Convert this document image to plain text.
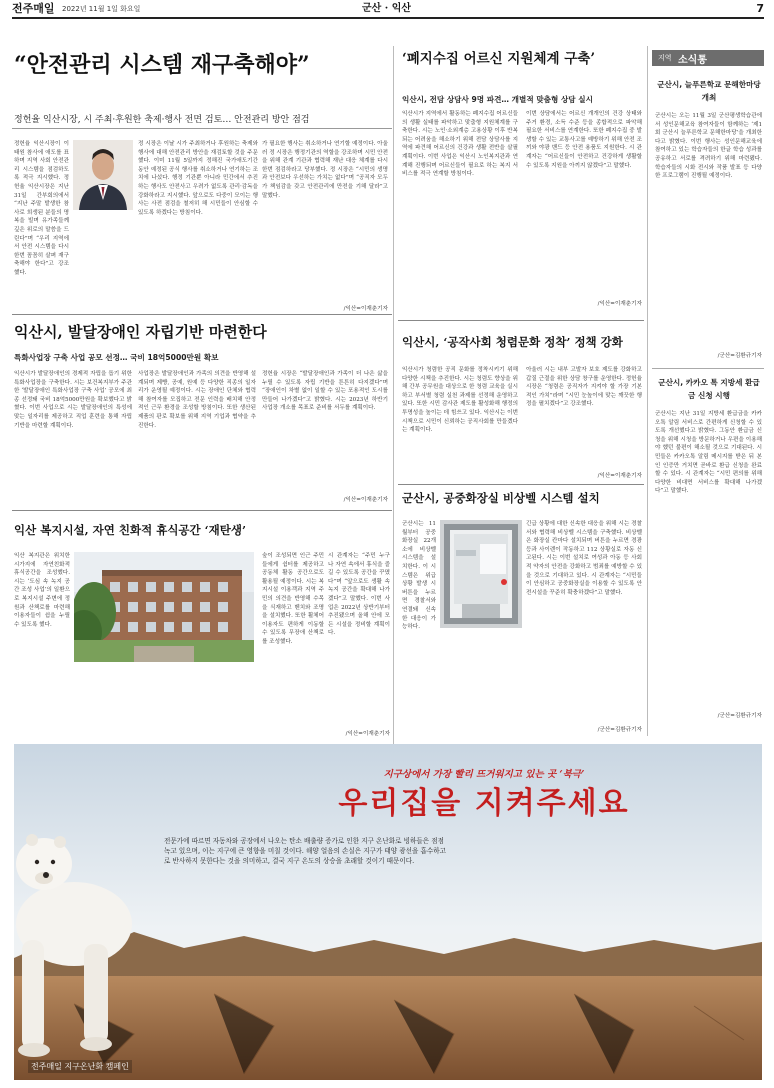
전주매일 2022년 11월 1일 화요일	군산 · 익산	7
“안전관리 시스템 재구축해야”
정헌율 익산시장, 시 주최·후원한 축제·행사 전면 검토… 안전관리 방안 점검
정헌율 익산시장이 이태원 참사에 애도를 표하며 지역 사회 안전관리 시스템을 점검하도록 적극 지시했다. 정헌율 익산시장은 지난 31일 간부회의에서 “지난 주말 발생한 참사로 희생된 분들의 명복을 빌며 유가족들께 깊은 위로의 말씀을 드린다”며 “우리 지역에서 안전 시스템을 다시 한번 꼼꼼히 살펴 재구축해야 한다”고 강조했다.
정 시장은 이날 시가 주최하거나 후원하는 축제와 행사에 대해 안전관리 방안을 재검토할 것을 주문했다. 이미 11월 5일까지 정해진 국가애도기간 동안 예정된 공식 행사를 취소하거나 연기하는 조치에 나섰다. 행정 기관뿐 아니라 민간에서 추진하는 행사도 안전사고 우려가 없도록 관리·감독을 강화하라고 지시했다. 앞으로도 다중이 모이는 행사는 사전 점검을 철저히 해 시민들이 안심할 수 있도록 하겠다는 방침이다.
가 필요한 행사는 취소하거나 연기할 예정이다. 아울러 정 시장은 행정기관의 역할을 강조하며 시민 안전을 위해 관계 기관과 협력해 재난 대응 체계를 다시 한번 점검하라고 당부했다. 정 시장은 “시민의 생명과 안전보다 우선하는 가치는 없다”며 “공직자 모두가 책임감을 갖고 안전관리에 만전을 기해 달라”고 말했다.
/익산=이재춘기자
‘폐지수집 어르신 지원체계 구축’
익산시, 전담 상담사 9명 파견… 개별적 맞춤형 상담 실시
익산시가 지역에서 활동하는 폐지수집 어르신들의 생활 실태를 파악하고 맞춤형 지원체계를 구축한다. 시는 노인·소외계층 고용상황 이후 반복되는 어려움을 해소하기 위해 전담 상담사를 지역에 파견해 어르신의 건강과 생활 전반을 살필 계획이다. 이번 사업은 익산시 노인복지관과 연계해 진행되며 어르신들이 필요로 하는 복지 서비스를 적극 연계할 방침이다.
이번 상담에서는 어르신 개개인의 건강 상태와 주거 환경, 소득 수준 등을 종합적으로 파악해 필요한 서비스를 연계한다. 또한 폐지수집 중 발생할 수 있는 교통사고를 예방하기 위해 안전 조끼와 야광 밴드 등 안전 용품도 지원한다. 시 관계자는 “어르신들이 안전하고 건강하게 생활할 수 있도록 지원을 아끼지 않겠다”고 말했다.
/익산=이재춘기자
지역 소식통
군산시, 늘푸른학교 문해한마당 개최
군산시는 오는 11월 3일 군산평생학습관에서 성인문해교육 참여자들이 함께하는 ‘제1회 군산시 늘푸른학교 문해한마당’을 개최한다고 밝혔다. 이번 행사는 성인문해교육에 참여하고 있는 학습자들의 한글 학습 성과를 공유하고 서로를 격려하기 위해 마련됐다. 학습자들의 시화 전시와 작품 발표 등 다양한 프로그램이 진행될 예정이다.
/군산=김환규기자
군산시, 카카오 톡 지방세 환급금 신청 시행
군산시는 지난 31일 지방세 환급금을 카카오톡 알림 서비스로 간편하게 신청할 수 있도록 개선했다고 밝혔다. 그동안 환급금 신청을 위해 시청을 방문하거나 우편을 이용해야 했던 불편이 해소될 것으로 기대된다. 시민들은 카카오톡 알림 메시지를 받은 뒤 본인 인증만 거치면 곧바로 환급 신청을 완료할 수 있다. 시 관계자는 “시민 편의를 위해 다양한 비대면 서비스를 확대해 나가겠다”고 말했다.
/군산=김환규기자
익산시, 발달장애인 자립기반 마련한다
특화사업장 구축 사업 공모 선정… 국비 18억5000만원 확보
익산시가 발달장애인의 경제적 자립을 돕기 위한 특화사업장을 구축한다. 시는 보건복지부가 주관한 ‘발달장애인 특화사업장 구축 사업’ 공모에 최종 선정돼 국비 18억5000만원을 확보했다고 밝혔다. 이번 사업으로 시는 발달장애인의 특성에 맞는 일자리를 제공하고 직업 훈련을 통해 자립 기반을 마련할 계획이다.
사업장은 발달장애인과 가족의 의견을 반영해 설계되며 제빵, 공예, 원예 등 다양한 직종의 일자리가 운영될 예정이다. 시는 장애인 단체와 협력해 참여자를 모집하고 전문 인력을 배치해 안정적인 근무 환경을 조성할 방침이다. 또한 생산된 제품의 판로 확보를 위해 지역 기업과 협약을 추진한다.
정헌율 시장은 “발달장애인과 가족이 더 나은 삶을 누릴 수 있도록 자립 기반을 튼튼히 다지겠다”며 “장애인이 차별 없이 일할 수 있는 포용적인 도시를 만들어 나가겠다”고 밝혔다. 시는 2023년 하반기 사업장 개소를 목표로 준비를 서두를 계획이다.
/익산=이재춘기자
익산시, ‘공작사회 청렴문화 정착’ 정책 강화
익산시가 청렴한 공직 문화를 정착시키기 위해 다양한 시책을 추진한다. 시는 청렴도 향상을 위해 간부 공무원을 대상으로 한 청렴 교육을 실시하고 부서별 청렴 실천 과제를 선정해 운영하고 있다. 또한 시민 감사관 제도를 활성화해 행정의 투명성을 높이는 데 힘쓰고 있다. 익산시는 이번 시책으로 시민이 신뢰하는 공직사회를 만들겠다는 계획이다.
아울러 시는 내부 고발자 보호 제도를 강화하고 갑질 근절을 위한 상담 창구를 운영한다. 정헌율 시장은 “청렴은 공직자가 지켜야 할 가장 기본적인 가치”라며 “시민 눈높이에 맞는 깨끗한 행정을 펼치겠다”고 강조했다.
/익산=이재춘기자
군산시, 공중화장실 비상벨 시스템 설치
군산시는 11월부터 공중화장실 22개소에 비상벨 시스템을 설치한다. 이 시스템은 위급 상황 발생 시 버튼을 누르면 경찰서와 연결돼 신속한 대응이 가능하다.
긴급 상황에 대한 신속한 대응을 위해 시는 경찰서와 협력해 비상벨 시스템을 구축했다. 비상벨은 화장실 칸마다 설치되며 버튼을 누르면 경광등과 사이렌이 작동하고 112 상황실로 자동 신고된다. 시는 이번 설치로 여성과 아동 등 사회적 약자의 안전을 강화하고 범죄를 예방할 수 있을 것으로 기대하고 있다. 시 관계자는 “시민들이 안심하고 공중화장실을 이용할 수 있도록 안전시설을 꾸준히 확충하겠다”고 말했다.
/군산=김환규기자
익산 복지시설, 자연 친화적 휴식공간 ‘재탄생’
익산 복지관은 위치한 시가지에 자연친화적 휴식공간을 조성했다. 시는 ‘도심 속 녹지 공간 조성 사업’의 일환으로 복지시설 주변에 정원과 산책로를 마련해 이용자들이 쉼을 누릴 수 있도록 했다.
숲이 조성되면 인근 주민들에게 쉼터를 제공하고 공동체 활동 공간으로도 활용될 예정이다. 시는 복지시설 이용객과 지역 주민의 의견을 반영해 수목을 식재하고 벤치와 조명을 설치했다. 또한 휠체어 이용자도 편하게 이동할 수 있도록 무장애 산책로를 조성했다.
시 관계자는 “주민 누구나 자연 속에서 휴식을 즐길 수 있도록 공간을 꾸몄다”며 “앞으로도 생활 속 녹지 공간을 확대해 나가겠다”고 말했다. 이번 사업은 2022년 상반기부터 추진됐으며 올해 안에 모든 시설을 정비할 계획이다.
/익산=이재춘기자
지구상에서 가장 빨리 뜨거워지고 있는 곳 ‘북극’
우리집을 지켜주세요
전문가에 따르면 자동차와 공장에서 나오는 탄소 배출량 증가로 인한 지구 온난화로 빙하들은 점점
녹고 있으며, 이는 지구에 큰 영향을 미칠 것이다. 해양 얼음의 손실은 지구가 태양 광선을 흡수하고
로 반사하지 못한다는 것을 의미하고, 결국 지구 온도의 상승을 초래할 것이기 때문이다.
전주매일 지구온난화 캠페인
